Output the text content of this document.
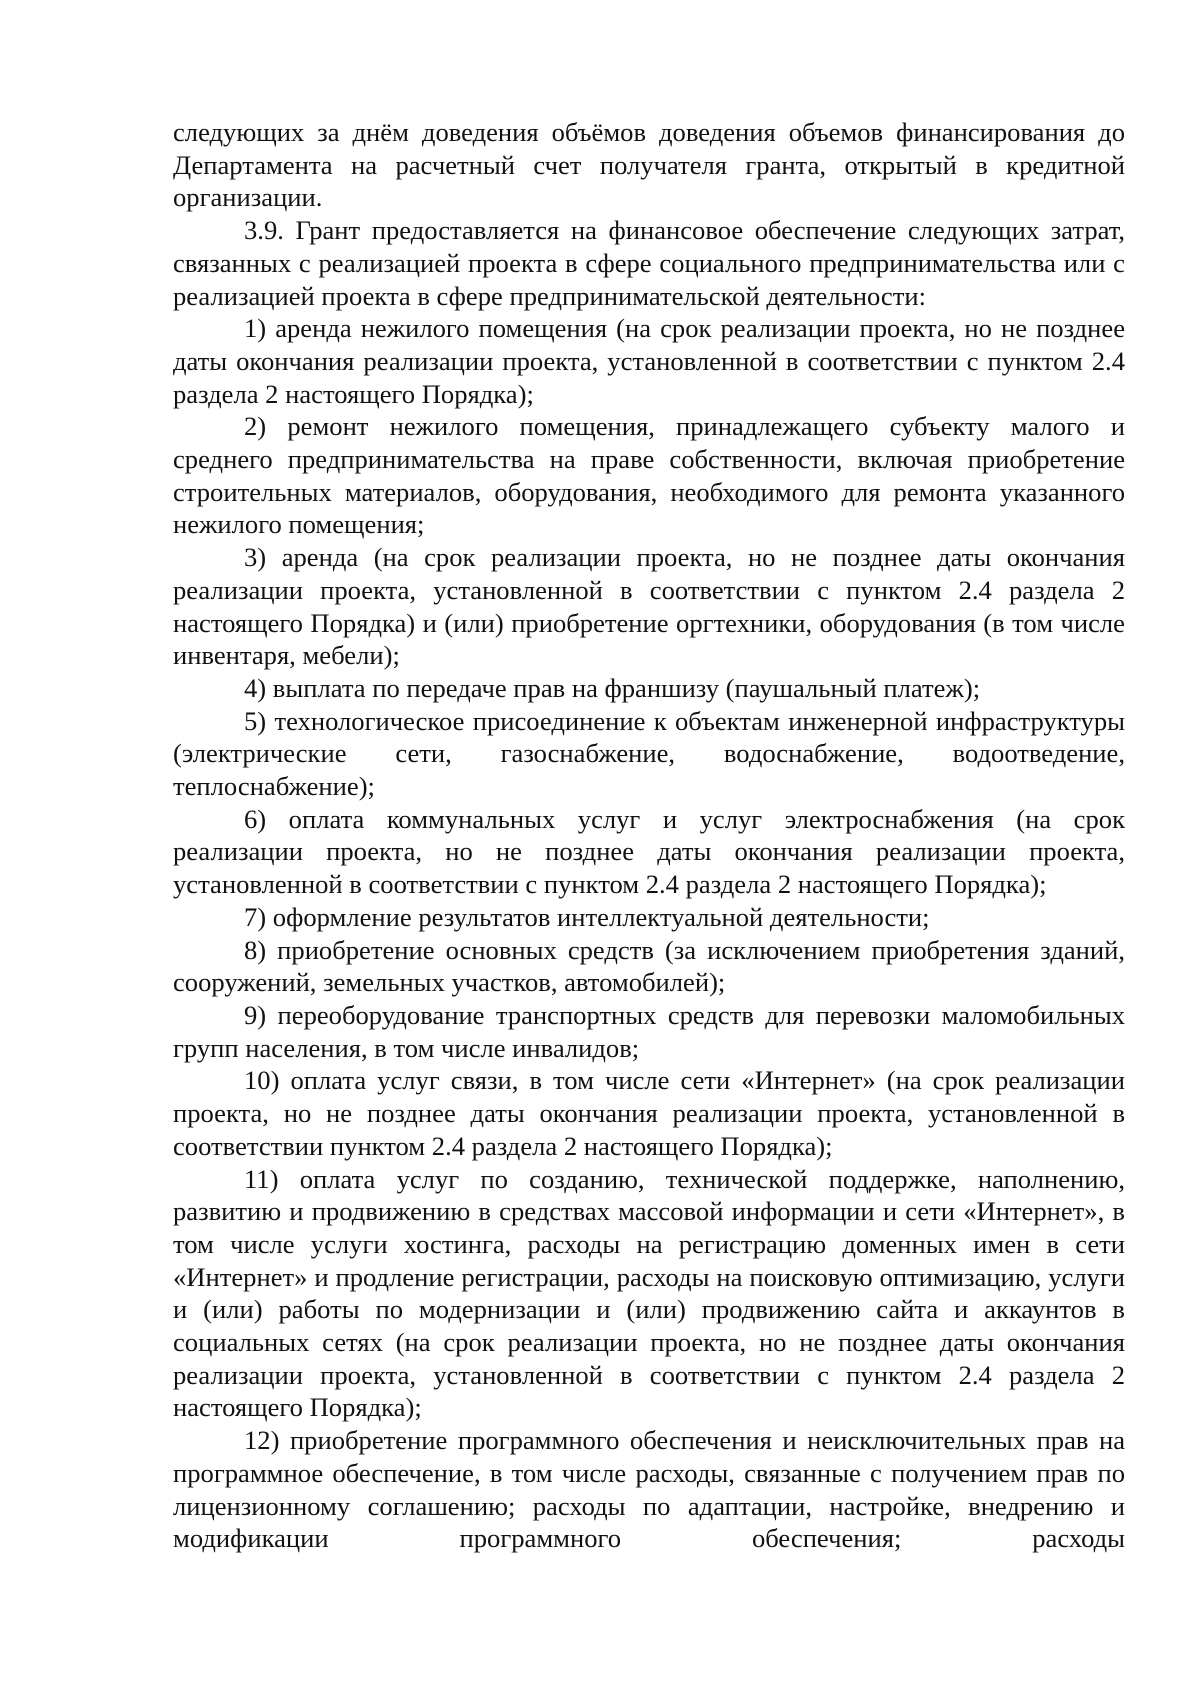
следующих за днём доведения объёмов доведения объемов финансирования до Департамента на расчетный счет получателя гранта, открытый в кредитной организации.

3.9. Грант предоставляется на финансовое обеспечение следующих затрат, связанных с реализацией проекта в сфере социального предпринимательства или с реализацией проекта в сфере предпринимательской деятельности:

1) аренда нежилого помещения (на срок реализации проекта, но не позднее даты окончания реализации проекта, установленной в соответствии с пунктом 2.4 раздела 2 настоящего Порядка);

2) ремонт нежилого помещения, принадлежащего субъекту малого и среднего предпринимательства на праве собственности, включая приобретение строительных материалов, оборудования, необходимого для ремонта указанного нежилого помещения;

3) аренда (на срок реализации проекта, но не позднее даты окончания реализации проекта, установленной в соответствии с пунктом 2.4 раздела 2 настоящего Порядка) и (или) приобретение оргтехники, оборудования (в том числе инвентаря, мебели);

4) выплата по передаче прав на франшизу (паушальный платеж);

5) технологическое присоединение к объектам инженерной инфраструктуры (электрические сети, газоснабжение, водоснабжение, водоотведение, теплоснабжение);

6) оплата коммунальных услуг и услуг электроснабжения (на срок реализации проекта, но не позднее даты окончания реализации проекта, установленной в соответствии с пунктом 2.4 раздела 2 настоящего Порядка);

7) оформление результатов интеллектуальной деятельности;

8) приобретение основных средств (за исключением приобретения зданий, сооружений, земельных участков, автомобилей);

9) переоборудование транспортных средств для перевозки маломобильных групп населения, в том числе инвалидов;

10) оплата услуг связи, в том числе сети «Интернет» (на срок реализации проекта, но не позднее даты окончания реализации проекта, установленной в соответствии пунктом 2.4 раздела 2 настоящего Порядка);

11) оплата услуг по созданию, технической поддержке, наполнению, развитию и продвижению в средствах массовой информации и сети «Интернет», в том числе услуги хостинга, расходы на регистрацию доменных имен в сети «Интернет» и продление регистрации, расходы на поисковую оптимизацию, услуги и (или) работы по модернизации и (или) продвижению сайта и аккаунтов в социальных сетях (на срок реализации проекта, но не позднее даты окончания реализации проекта, установленной в соответствии с пунктом 2.4 раздела 2 настоящего Порядка);

12) приобретение программного обеспечения и неисключительных прав на программное обеспечение, в том числе расходы, связанные с получением прав по лицензионному соглашению; расходы по адаптации, настройке, внедрению и модификации программного обеспечения; расходы
